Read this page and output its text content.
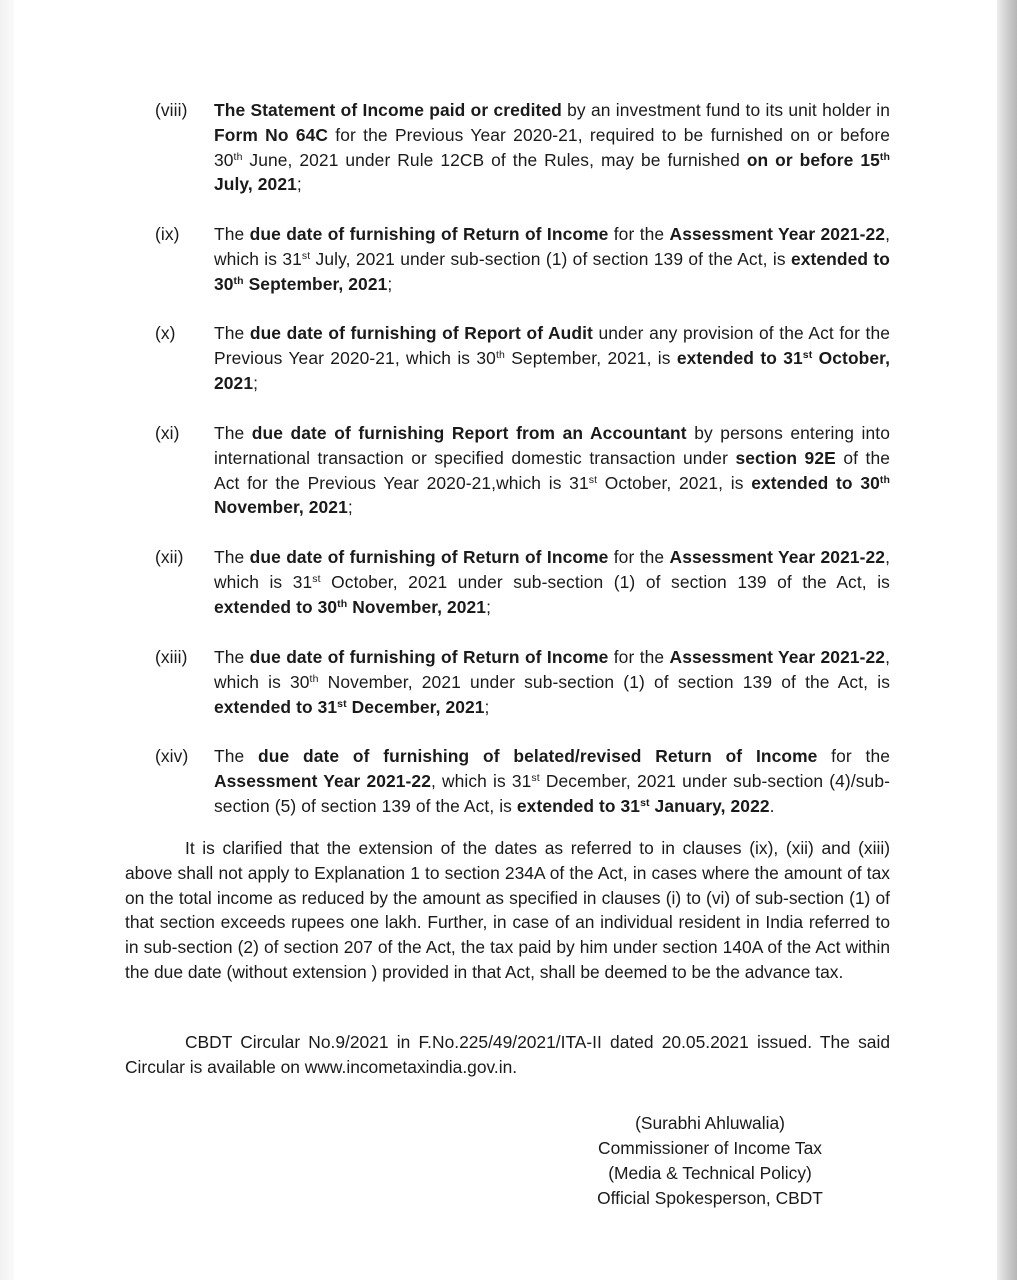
(viii) The Statement of Income paid or credited by an investment fund to its unit holder in Form No 64C for the Previous Year 2020-21, required to be furnished on or before 30th June, 2021 under Rule 12CB of the Rules, may be furnished on or before 15th July, 2021;
(ix) The due date of furnishing of Return of Income for the Assessment Year 2021-22, which is 31st July, 2021 under sub-section (1) of section 139 of the Act, is extended to 30th September, 2021;
(x) The due date of furnishing of Report of Audit under any provision of the Act for the Previous Year 2020-21, which is 30th September, 2021, is extended to 31st October, 2021;
(xi) The due date of furnishing Report from an Accountant by persons entering into international transaction or specified domestic transaction under section 92E of the Act for the Previous Year 2020-21,which is 31st October, 2021, is extended to 30th November, 2021;
(xii) The due date of furnishing of Return of Income for the Assessment Year 2021-22, which is 31st October, 2021 under sub-section (1) of section 139 of the Act, is extended to 30th November, 2021;
(xiii) The due date of furnishing of Return of Income for the Assessment Year 2021-22, which is 30th November, 2021 under sub-section (1) of section 139 of the Act, is extended to 31st December, 2021;
(xiv) The due date of furnishing of belated/revised Return of Income for the Assessment Year 2021-22, which is 31st December, 2021 under sub-section (4)/sub-section (5) of section 139 of the Act, is extended to 31st January, 2022.

It is clarified that the extension of the dates as referred to in clauses (ix), (xii) and (xiii) above shall not apply to Explanation 1 to section 234A of the Act, in cases where the amount of tax on the total income as reduced by the amount as specified in clauses (i) to (vi) of sub-section (1) of that section exceeds rupees one lakh. Further, in case of an individual resident in India referred to in sub-section (2) of section 207 of the Act, the tax paid by him under section 140A of the Act within the due date (without extension ) provided in that Act, shall be deemed to be the advance tax.

CBDT Circular No.9/2021 in F.No.225/49/2021/ITA-II dated 20.05.2021 issued. The said Circular is available on www.incometaxindia.gov.in.

(Surabhi Ahluwalia)
Commissioner of Income Tax
(Media & Technical Policy)
Official Spokesperson, CBDT
